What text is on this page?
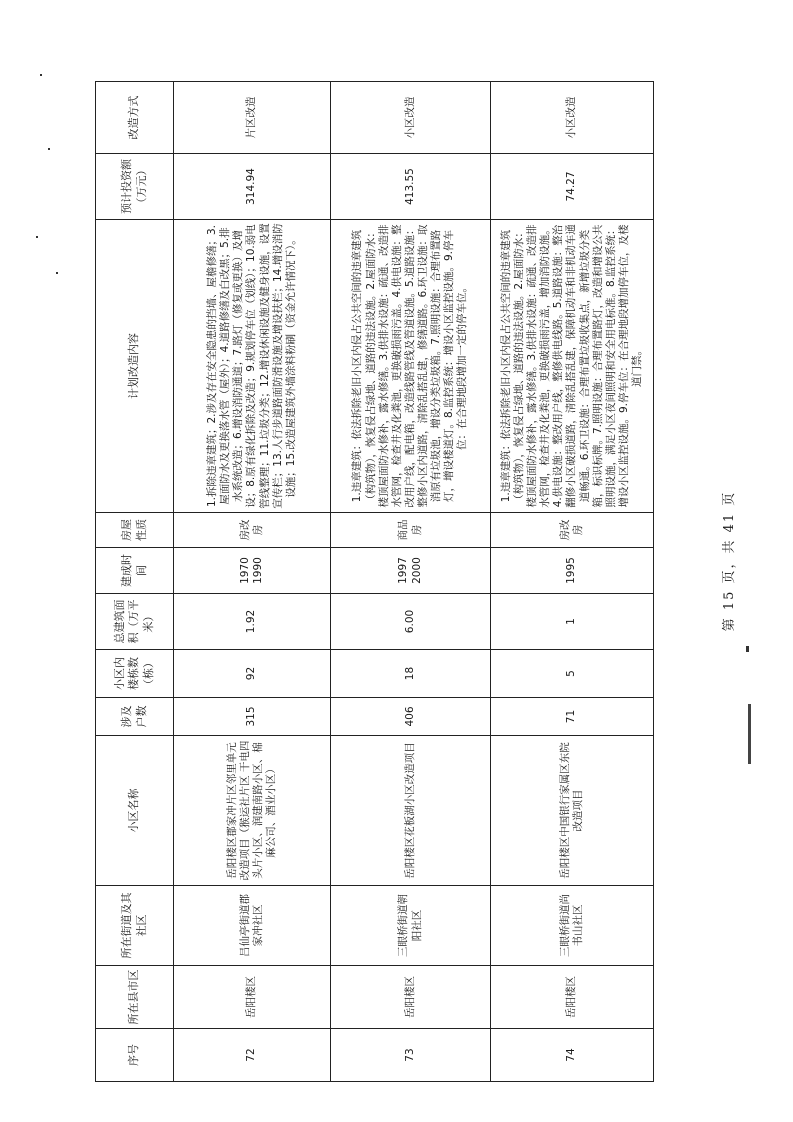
序号	所在县市区	所在街道及其社区	小区名称	涉及户数	小区内楼栋数（栋）	总建筑面积（万平米）	建成时间	房屋性质	计划改造内容	预计投资额（万元）	改造方式
72	岳阳楼区	吕仙亭街道郡家冲社区	岳阳楼区郡家冲片区邻里单元改造项目（猴运社片区 干电四头片小区、润建南路小区、棉麻公司、酒业小区）	315	92	1.92	1970 1990	房改房	1.拆除违章建筑；2.涉及存在安全隐患的挡墙、屋檐修缮；3.屋面防水及更换落水管（屋外）；4.道路修缮及白改黑；5.排水系统改造；6.增设消防通道；7.路灯（修复或更换）及增设；8.原有绿化拆除及改造；9.规划停车位（划线）；10.弱电管线整理；11.垃圾分类；12.增设休闲设施及健身设施，设置宣传栏；13.人行步道路面防滑设施及增设扶栏；14.增设消防设施；15.改造屋建筑外墙涂料粉刷（资金允许情况下）。	314.94	片区改造
73	岳阳楼区	三眼桥街道朝阳社区	岳阳楼区花板湖小区改造项目	406	18	6.00	1997 2000	商品房	1.违章建筑：依法拆除老旧小区内侵占公共空间的违章建筑（构筑物），恢复侵占绿地、道路的违法设施。2.屋面防水：楼顶屋面防水修补，露水修缮。3.供排水设施：疏通、改造排水管网，检查井及化粪池，更换破损雨污盖。4.供电设施：整改用户线，配电箱，改造线路管线及管道设施。5.道路设施：整修小区内道路，清除乱搭乱建，修缮道路。6.环卫设施：取消原有垃圾池，增设分类垃圾箱。7.照明设施：合理布置路灯，增设楼道灯。8.监控系统：增设小区监控设施。9.停车位：在合理地段增加一定的停车位。	413.55	小区改造
74	岳阳楼区	三眼桥街道尚书山社区	岳阳楼区中国银行家属区东院改造项目	71	5	1	1995	房改房	1.违章建筑：依法拆除老旧小区内侵占公共空间的违章建筑（构筑物），恢复侵占绿地、道路的违法设施。2.屋面防水：楼顶屋面防水修补，露水修缮。3.供排水设施：疏通、改造排水管网，检查井及化粪池，更换破损雨污盖，增加消防设施。4.供电设施：整改用户线，整修供电线路。5.道路设施：整治翻修小区破损道路，清除乱搭乱建，保障机动车和非机动车通道畅通。6.环卫设施：合理布置垃圾收集点，新增垃圾分类箱，标识标牌。7.照明设施：合理布置路灯，改造和增设公共照明设施，满足小区夜间照明和安全用电标准。8.监控系统：增设小区监控设施。9.停车位：在合理地段增加停车位，及楼道门禁。	74.27	小区改造
第 15 页，共 41 页
